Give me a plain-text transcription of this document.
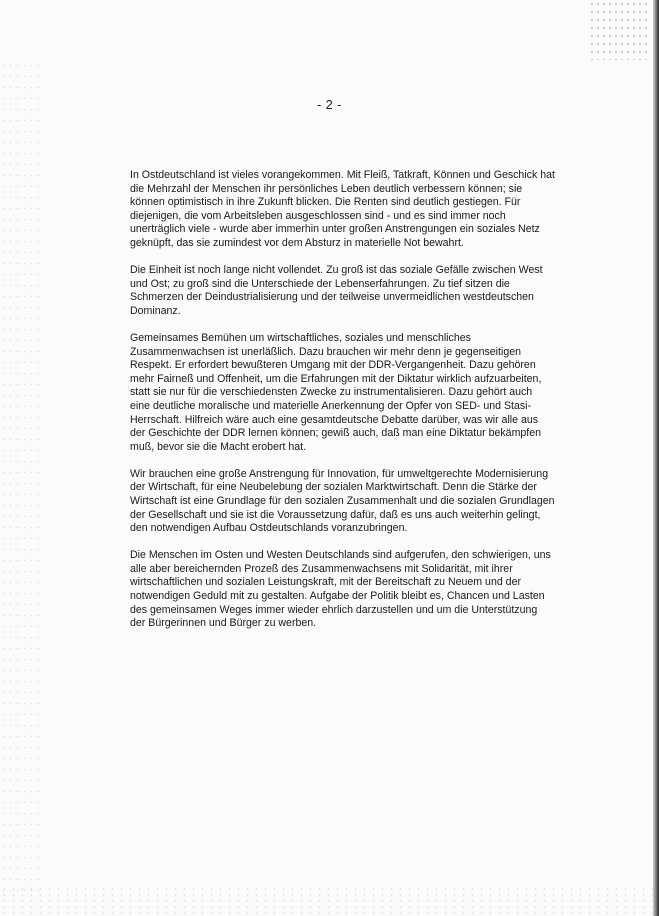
- 2 -

In Ostdeutschland ist vieles vorangekommen. Mit Fleiß, Tatkraft, Können und Geschick hat die Mehrzahl der Menschen ihr persönliches Leben deutlich verbessern können; sie können optimistisch in ihre Zukunft blicken. Die Renten sind deutlich gestiegen. Für diejenigen, die vom Arbeitsleben ausgeschlossen sind - und es sind immer noch unerträglich viele - wurde aber immerhin unter großen Anstrengungen ein soziales Netz geknüpft, das sie zumindest vor dem Absturz in materielle Not bewahrt.

Die Einheit ist noch lange nicht vollendet. Zu groß ist das soziale Gefälle zwischen West und Ost; zu groß sind die Unterschiede der Lebenserfahrungen. Zu tief sitzen die Schmerzen der Deindustrialisierung und der teilweise unvermeidlichen westdeutschen Dominanz.

Gemeinsames Bemühen um wirtschaftliches, soziales und menschliches Zusammenwachsen ist unerläßlich. Dazu brauchen wir mehr denn je gegenseitigen Respekt. Er erfordert bewußteren Umgang mit der DDR-Vergangenheit. Dazu gehören mehr Fairneß und Offenheit, um die Erfahrungen mit der Diktatur wirklich aufzuarbeiten, statt sie nur für die verschiedensten Zwecke zu instrumentalisieren. Dazu gehört auch eine deutliche moralische und materielle Anerkennung der Opfer von SED- und Stasi-Herrschaft. Hilfreich wäre auch eine gesamtdeutsche Debatte darüber, was wir alle aus der Geschichte der DDR lernen können; gewiß auch, daß man eine Diktatur bekämpfen muß, bevor sie die Macht erobert hat.

Wir brauchen eine große Anstrengung für Innovation, für umweltgerechte Modernisierung der Wirtschaft, für eine Neubelebung der sozialen Marktwirtschaft. Denn die Stärke der Wirtschaft ist eine Grundlage für den sozialen Zusammenhalt und die sozialen Grundlagen der Gesellschaft und sie ist die Voraussetzung dafür, daß es uns auch weiterhin gelingt, den notwendigen Aufbau Ostdeutschlands voranzubringen.

Die Menschen im Osten und Westen Deutschlands sind aufgerufen, den schwierigen, uns alle aber bereichernden Prozeß des Zusammenwachsens mit Solidarität, mit ihrer wirtschaftlichen und sozialen Leistungskraft, mit der Bereitschaft zu Neuem und der notwendigen Geduld mit zu gestalten. Aufgabe der Politik bleibt es, Chancen und Lasten des gemeinsamen Weges immer wieder ehrlich darzustellen und um die Unterstützung der Bürgerinnen und Bürger zu werben.
